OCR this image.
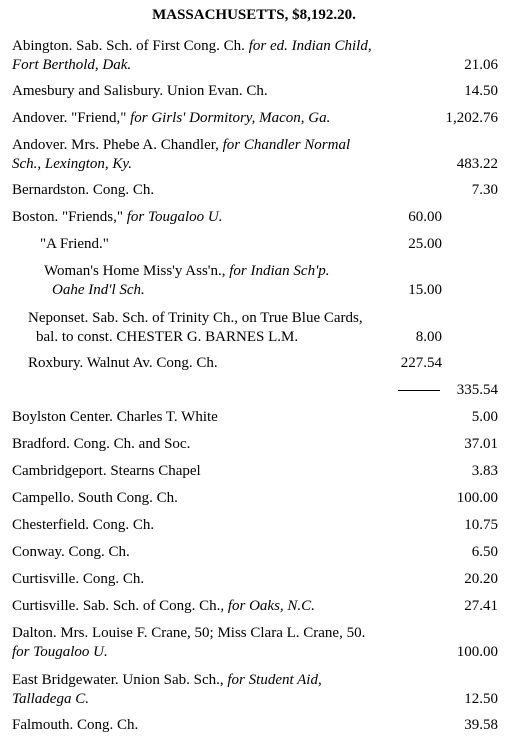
MASSACHUSETTS, $8,192.20.
Abington. Sab. Sch. of First Cong. Ch. for ed. Indian Child,
Fort Berthold, Dak.	21.06
Amesbury and Salisbury. Union Evan. Ch.	14.50
Andover. "Friend," for Girls' Dormitory, Macon, Ga.	1,202.76
Andover. Mrs. Phebe A. Chandler, for Chandler Normal
Sch., Lexington, Ky.	483.22
Bernardston. Cong. Ch.	7.30
Boston. "Friends," for Tougaloo U.	60.00
"A Friend."	25.00
Woman's Home Miss'y Ass'n., for Indian Sch'p.
Oahe Ind'l Sch.	15.00
Neponset. Sab. Sch. of Trinity Ch., on True Blue Cards,
bal. to const. CHESTER G. BARNES L.M.	8.00
Roxbury. Walnut Av. Cong. Ch.	227.54
335.54
Boylston Center. Charles T. White	5.00
Bradford. Cong. Ch. and Soc.	37.01
Cambridgeport. Stearns Chapel	3.83
Campello. South Cong. Ch.	100.00
Chesterfield. Cong. Ch.	10.75
Conway. Cong. Ch.	6.50
Curtisville. Cong. Ch.	20.20
Curtisville. Sab. Sch. of Cong. Ch., for Oaks, N.C.	27.41
Dalton. Mrs. Louise F. Crane, 50; Miss Clara L. Crane, 50.
for Tougaloo U.	100.00
East Bridgewater. Union Sab. Sch., for Student Aid,
Talladega C.	12.50
Falmouth. Cong. Ch.	39.58
